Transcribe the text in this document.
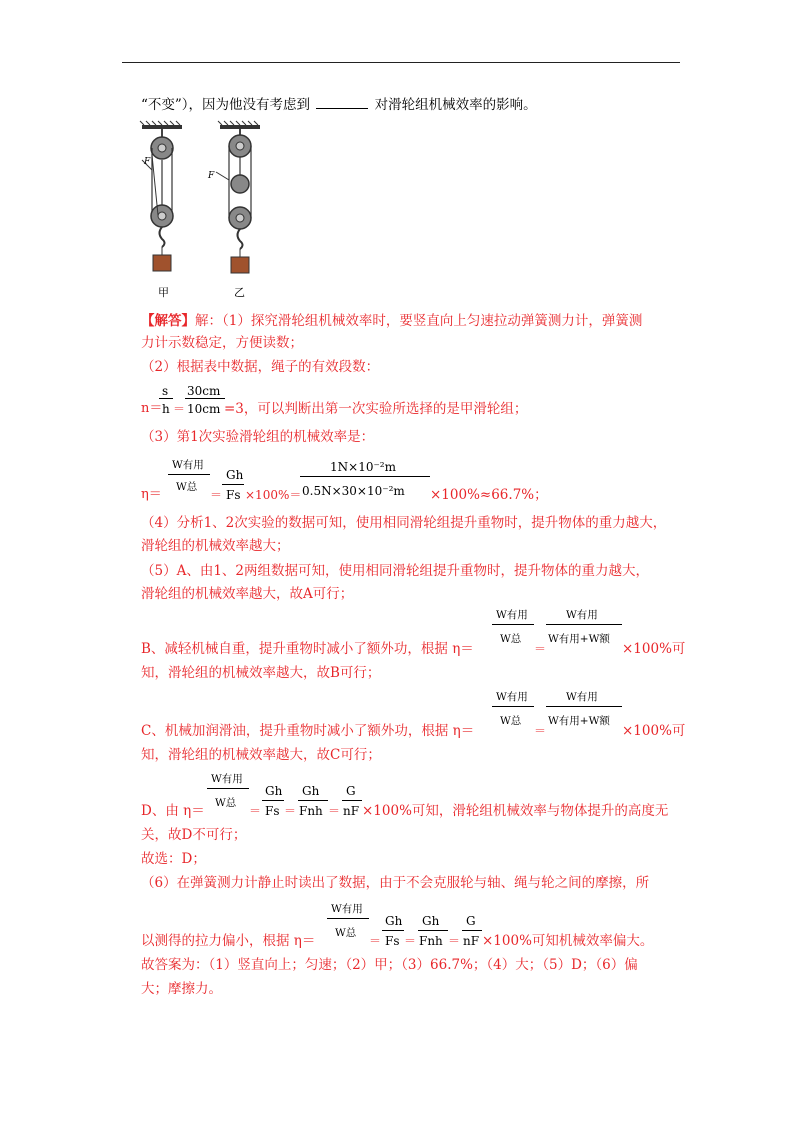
“不变”），因为他没有考虑到	对滑轮组机械效率的影响。
F
F
甲	乙
【解答】解：（1）探究滑轮组机械效率时，要竖直向上匀速拉动弹簧测力计，弹簧测
力计示数稳定，方便读数；
（2）根据表中数据，绳子的有效段数：
n＝
s
h ＝
30cm
10cm =3，可以判断出第一次实验所选择的是甲滑轮组；
（3）第1次实验滑轮组的机械效率是：
η＝
W有用
W总
＝
Gh
Fs ×100%＝
1N×10⁻²m
0.5N×30×10⁻²m ×100%≈66.7%；
（4）分析1、2次实验的数据可知，使用相同滑轮组提升重物时，提升物体的重力越大，
滑轮组的机械效率越大；
（5）A、由1、2两组数据可知，使用相同滑轮组提升重物时，提升物体的重力越大，
滑轮组的机械效率越大，故A可行；
W有用
W总
＝
W有用
W有用+W额
B、减轻机械自重，提升重物时减小了额外功，根据 η＝	×100%可
知，滑轮组的机械效率越大，故B可行；
W有用
W总
＝
W有用
W有用+W额
C、机械加润滑油，提升重物时减小了额外功，根据 η＝	×100%可
知，滑轮组的机械效率越大，故C可行；
W有用
W总
＝
Gh
Fs ＝
Gh
Fnh ＝
G
nF
D、由 η＝	×100%可知，滑轮组机械效率与物体提升的高度无
关，故D不可行；
故选：D；
（6）在弹簧测力计静止时读出了数据，由于不会克服轮与轴、绳与轮之间的摩擦，所
W有用
W总
＝
Gh
Fs ＝
Gh
Fnh ＝
G
nF
以测得的拉力偏小，根据 η＝	×100%可知机械效率偏大。
故答案为：（1）竖直向上；匀速；（2）甲；（3）66.7%；（4）大；（5）D；（6）偏
大；摩擦力。
